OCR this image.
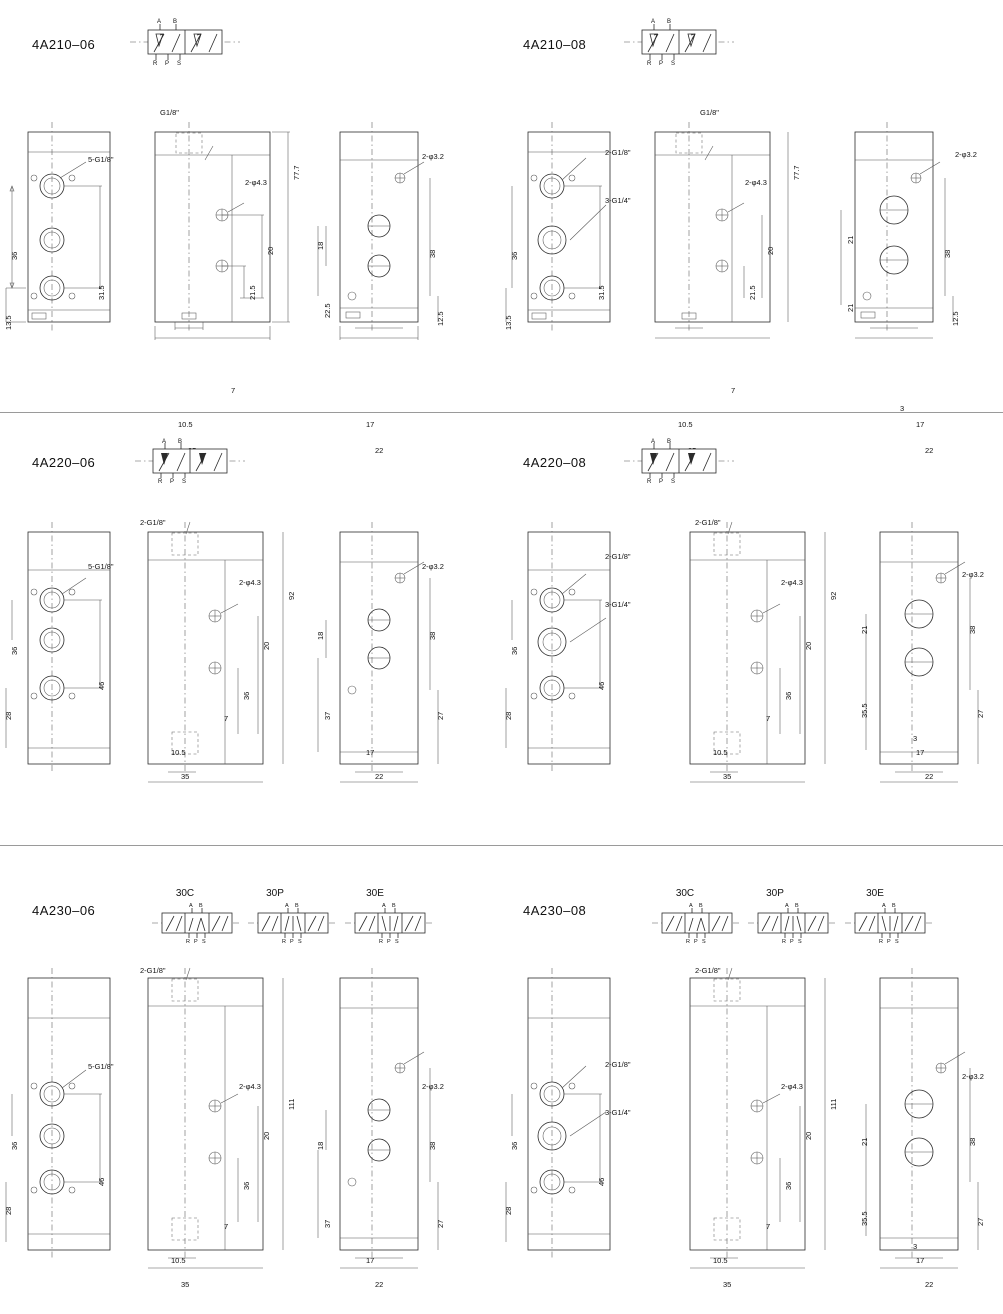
4A210–06	4A210–08
A B
R P S
A B
R P S
36
13.5
31.5
5-G1/8"
G1/8"
2-φ4.3
77.7
20
21.5
7
10.5
2-φ3.2
18
22.5
38
12.5
17
22
2-G1/8"
3-G1/4"
36
13.5
31.5
G1/8"
2-φ4.3
77.7
20
21.5
7
10.5
2-φ3.2
21
21
38
12.5
3
17
22
4A220–06	4A220–08
A B
R P S
A B
R P S
5-G1/8"
36
28
46
2-G1/8"
2-φ4.3
92
20
36
7
10.5
35
2-φ3.2
18
37
38
27
17
22
2-G1/8"
3-G1/4"
36
28
46
2-G1/8"
2-φ4.3
92
20
36
7
10.5
35
2-φ3.2
21
35.5
38
27
3
17
22
4A230–06	4A230–08
30C	30P	30E	30C	30P	30E
A B
R P S
A B
R P S
A B
R P S
A B
R P S
A B
R P S
A B
R P S
5-G1/8"
36
28
46
2-G1/8"
2-φ4.3
111
20
36
7
10.5
35
2-φ3.2
18
37
38
27
17
22
2-G1/8"
3-G1/4"
36
28
46
2-G1/8"
2-φ4.3
111
20
36
7
10.5
35
2-φ3.2
21
35.5
38
27
3
17
22
